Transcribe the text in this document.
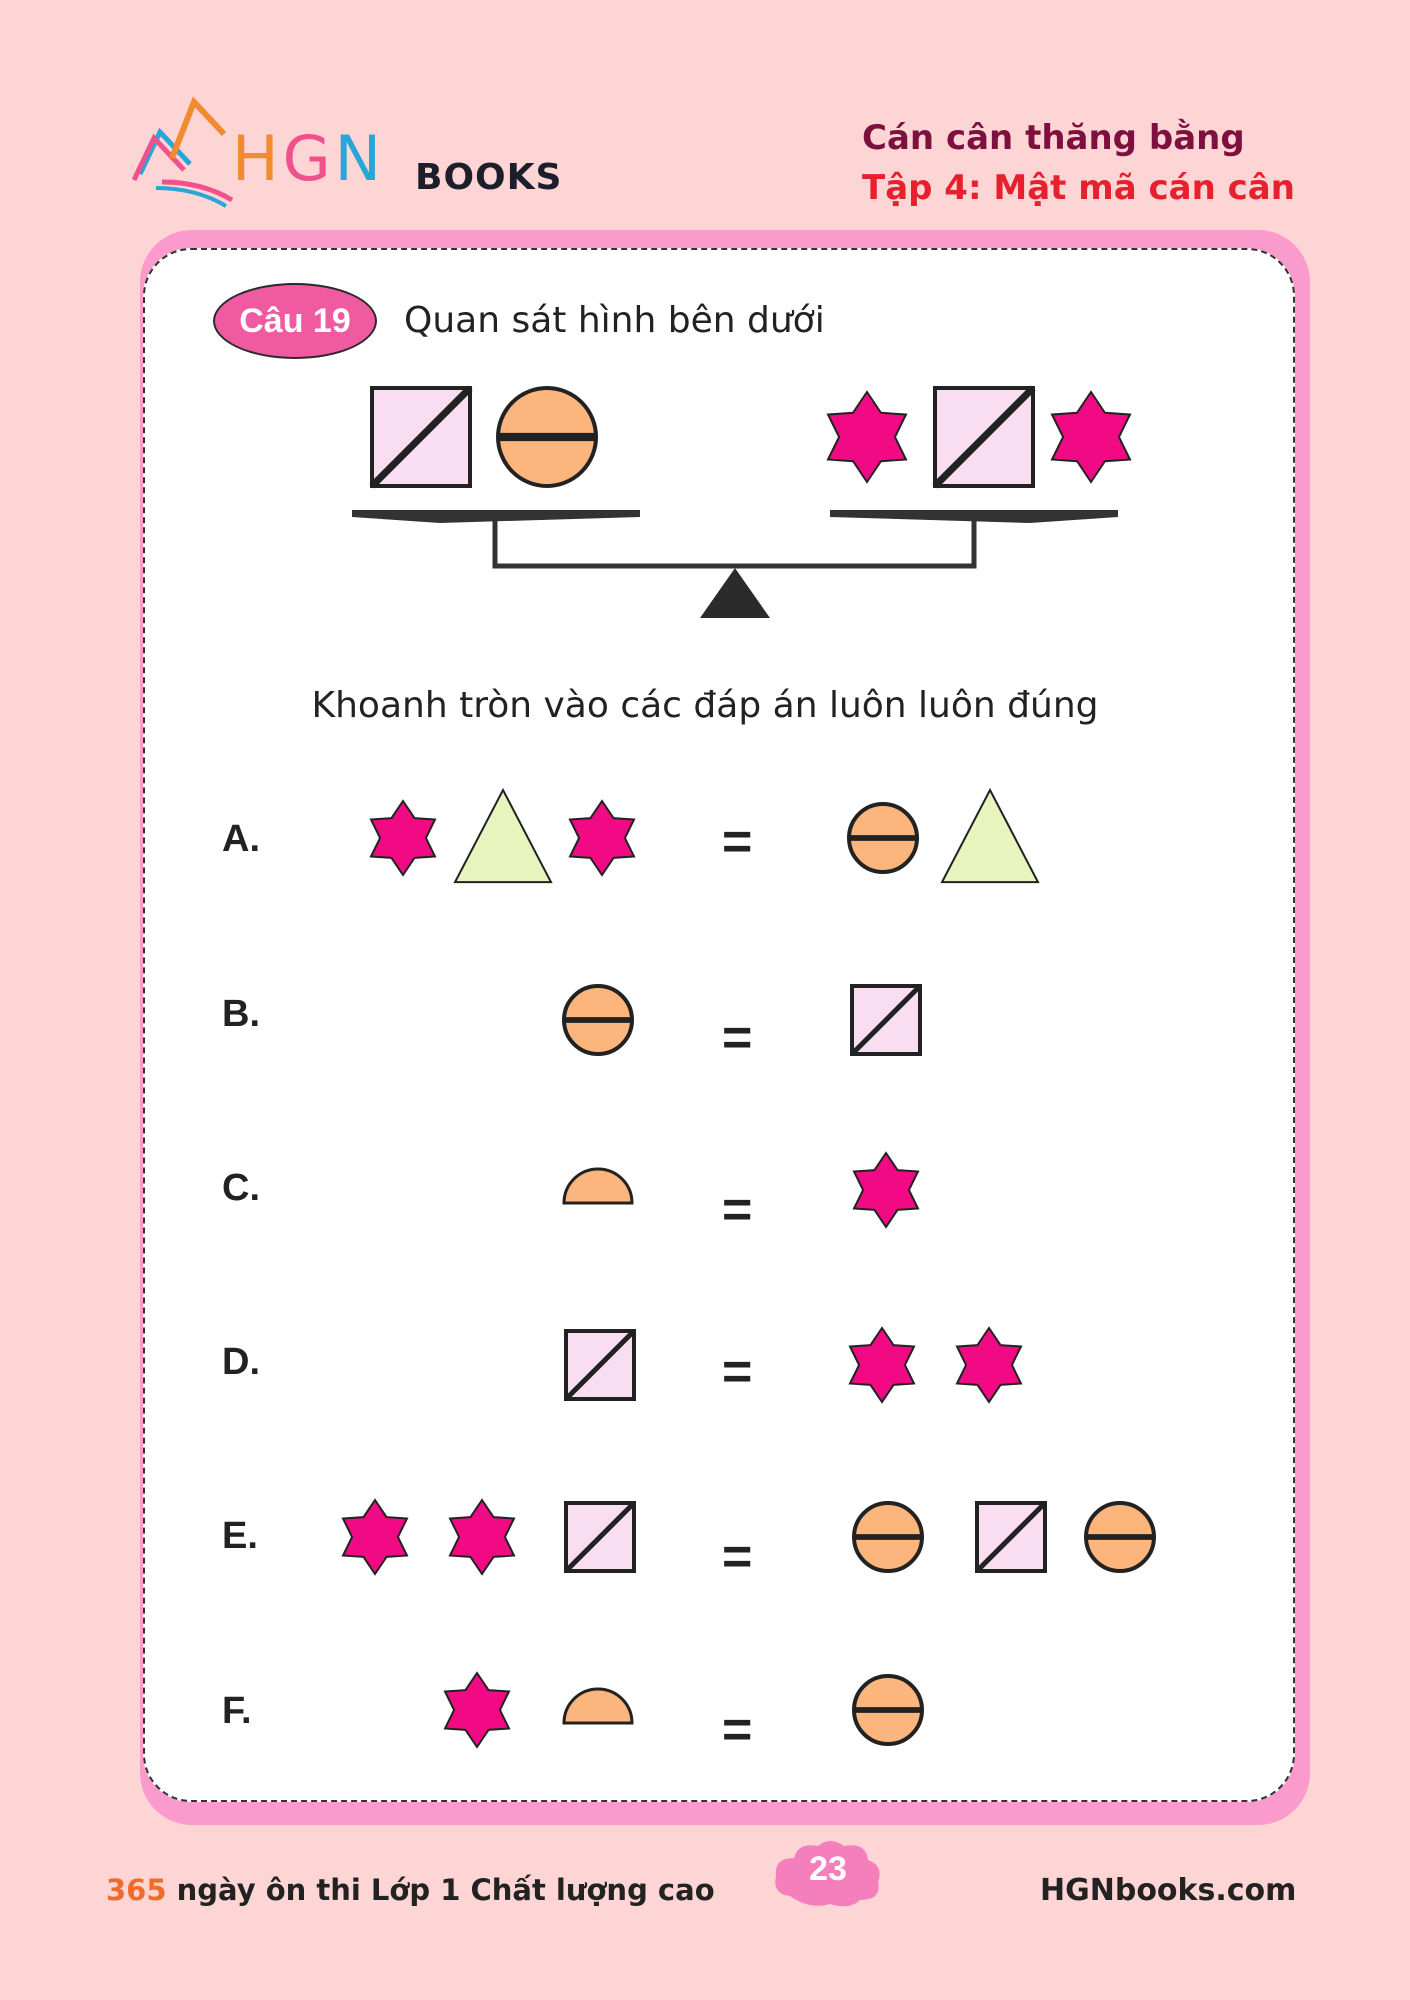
HGN BOOKS
Cán cân thăng bằng
Tập 4: Mật mã cán cân
Câu 19	Quan sát hình bên dưới
Khoanh tròn vào các đáp án luôn luôn đúng
A.	=
B.	=
C.	=
D.	=
E.	=
F.	=
365 ngày ôn thi Lớp 1 Chất lượng cao
23
HGNbooks.com
